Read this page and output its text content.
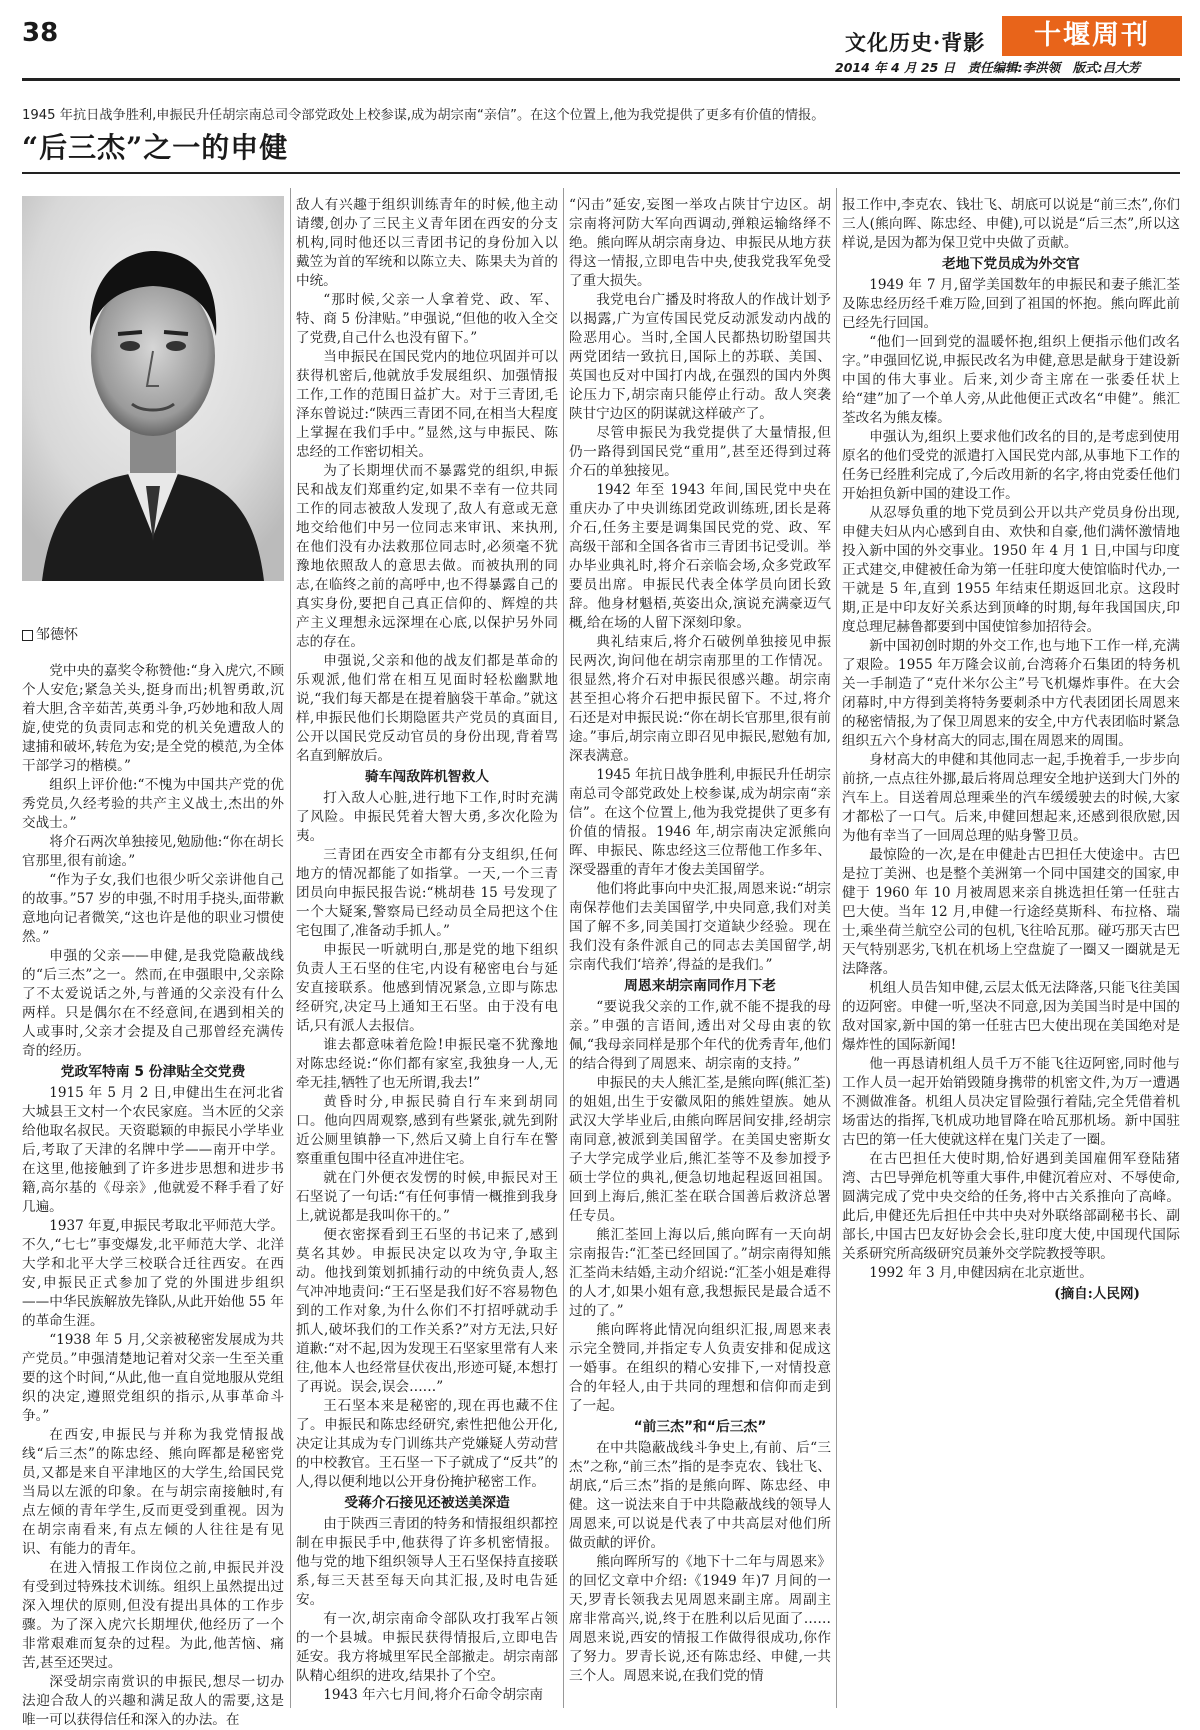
38	文化历史·背影	十堰周刊
2014 年 4 月 25 日　责任编辑:李洪领　版式:吕大芳
1945 年抗日战争胜利,申振民升任胡宗南总司令部党政处上校参谋,成为胡宗南“亲信”。在这个位置上,他为我党提供了更多有价值的情报。
“后三杰”之一的申健
邹德怀

党中央的嘉奖令称赞他:“身入虎穴,不顾个人安危;紧急关头,挺身而出;机智勇敢,沉着大胆,含辛茹苦,英勇斗争,巧妙地和敌人周旋,使党的负责同志和党的机关免遭敌人的逮捕和破坏,转危为安;是全党的模范,为全体干部学习的楷模。”

组织上评价他:“不愧为中国共产党的优秀党员,久经考验的共产主义战士,杰出的外交战士。”

将介石两次单独接见,勉励他:“你在胡长官那里,很有前途。”

“作为子女,我们也很少听父亲讲他自己的故事。”57 岁的申强,不时用手挠头,面带歉意地向记者微笑,“这也许是他的职业习惯使然。”

申强的父亲——申健,是我党隐蔽战线的“后三杰”之一。然而,在申强眼中,父亲除了不太爱说话之外,与普通的父亲没有什么两样。只是偶尔在不经意间,在遇到相关的人或事时,父亲才会提及自己那曾经充满传奇的经历。

党政军特南 5 份津贴全交党费

1915 年 5 月 2 日,申健出生在河北省大城县王文村一个农民家庭。当木匠的父亲给他取名叔民。天资聪颖的申振民小学毕业后,考取了天津的名牌中学——南开中学。在这里,他接触到了许多进步思想和进步书籍,高尔基的《母亲》,他就爱不释手看了好几遍。

1937 年夏,申振民考取北平师范大学。不久,“七七”事变爆发,北平师范大学、北洋大学和北平大学三校联合迁往西安。在西安,申振民正式参加了党的外围进步组织——中华民族解放先锋队,从此开始他 55 年的革命生涯。

“1938 年 5 月,父亲被秘密发展成为共产党员。”申强清楚地记着对父亲一生至关重要的这个时间,“从此,他一直自觉地服从党组织的决定,遵照党组织的指示,从事革命斗争。”

在西安,申振民与并称为我党情报战线“后三杰”的陈忠经、熊向晖都是秘密党员,又都是来自平津地区的大学生,给国民党当局以左派的印象。在与胡宗南接触时,有点左倾的青年学生,反而更受到重视。因为在胡宗南看来,有点左倾的人往往是有见识、有能力的青年。

在进入情报工作岗位之前,申振民并没有受到过特殊技术训练。组织上虽然提出过深入埋伏的原则,但没有提出具体的工作步骤。为了深入虎穴长期埋伏,他经历了一个非常艰难而复杂的过程。为此,他苦恼、痛苦,甚至还哭过。

深受胡宗南赏识的申振民,想尽一切办法迎合敌人的兴趣和满足敌人的需要,这是唯一可以获得信任和深入的办法。在

敌人有兴趣于组织训练青年的时候,他主动请缨,创办了三民主义青年团在西安的分支机构,同时他还以三青团书记的身份加入以戴笠为首的军统和以陈立夫、陈果夫为首的中统。

“那时候,父亲一人拿着党、政、军、特、商 5 份津贴。”申强说,“但他的收入全交了党费,自己什么也没有留下。”

当申振民在国民党内的地位巩固并可以获得机密后,他就放手发展组织、加强情报工作,工作的范围日益扩大。对于三青团,毛泽东曾说过:“陕西三青团不同,在相当大程度上掌握在我们手中。”显然,这与申振民、陈忠经的工作密切相关。

为了长期埋伏而不暴露党的组织,申振民和战友们郑重约定,如果不幸有一位共同工作的同志被敌人发现了,敌人有意或无意地交给他们中另一位同志来审讯、来执刑,在他们没有办法救那位同志时,必须毫不犹豫地依照敌人的意思去做。而被执刑的同志,在临终之前的高呼中,也不得暴露自己的真实身份,要把自己真正信仰的、辉煌的共产主义理想永远深埋在心底,以保护另外同志的存在。

申强说,父亲和他的战友们都是革命的乐观派,他们常在相互见面时轻松幽默地说,“我们每天都是在提着脑袋干革命。”就这样,申振民他们长期隐匿共产党员的真面目,公开以国民党反动官员的身份出现,背着骂名直到解放后。

骑车闯敌阵机智救人

打入敌人心脏,进行地下工作,时时充满了风险。申振民凭着大智大勇,多次化险为夷。

三青团在西安全市都有分支组织,任何地方的情况都能了如指掌。一天,一个三青团员向申振民报告说:“桃胡巷 15 号发现了一个大疑案,警察局已经动员全局把这个住宅包围了,准备动手抓人。”

申振民一听就明白,那是党的地下组织负责人王石坚的住宅,内设有秘密电台与延安直接联系。他感到情况紧急,立即与陈忠经研究,决定马上通知王石坚。由于没有电话,只有派人去报信。

谁去都意味着危险!申振民毫不犹豫地对陈忠经说:“你们都有家室,我独身一人,无牵无挂,牺牲了也无所谓,我去!”

黄昏时分,申振民骑自行车来到胡同口。他向四周观察,感到有些紧张,就先到附近公厕里镇静一下,然后又骑上自行车在警察重重包围中径直冲进住宅。

就在门外便衣发愣的时候,申振民对王石坚说了一句话:“有任何事情一概推到我身上,就说都是我叫你干的。”

便衣密探看到王石坚的书记来了,感到莫名其妙。申振民决定以攻为守,争取主动。他找到策划抓捕行动的中统负责人,怒气冲冲地责问:“王石坚是我们好不容易物色到的工作对象,为什么你们不打招呼就动手抓人,破坏我们的工作关系?”对方无法,只好道歉:“对不起,因为发现王石坚家里常有人来往,他本人也经常昼伏夜出,形迹可疑,本想打了再说。误会,误会……”

王石坚本来是秘密的,现在再也藏不住了。申振民和陈忠经研究,索性把他公开化,决定让其成为专门训练共产党嫌疑人劳动营的中校教官。王石坚一下子就成了“反共”的人,得以便利地以公开身份掩护秘密工作。

受蒋介石接见还被送美深造

由于陕西三青团的特务和情报组织都控制在申振民手中,他获得了许多机密情报。他与党的地下组织领导人王石坚保持直接联系,每三天甚至每天向其汇报,及时电告延安。

有一次,胡宗南命令部队攻打我军占领的一个县城。申振民获得情报后,立即电告延安。我方将城里军民全部撤走。胡宗南部队精心组织的进攻,结果扑了个空。

1943 年六七月间,将介石命令胡宗南

“闪击”延安,妄图一举攻占陕甘宁边区。胡宗南将河防大军向西调动,弹粮运输络绎不绝。熊向晖从胡宗南身边、申振民从地方获得这一情报,立即电告中央,使我党我军免受了重大损失。

我党电台广播及时将敌人的作战计划予以揭露,广为宣传国民党反动派发动内战的险恶用心。当时,全国人民都热切盼望国共两党团结一致抗日,国际上的苏联、美国、英国也反对中国打内战,在强烈的国内外舆论压力下,胡宗南只能停止行动。敌人突袭陕甘宁边区的阴谋就这样破产了。

尽管申振民为我党提供了大量情报,但仍一路得到国民党“重用”,甚至还得到过蒋介石的单独接见。

1942 年至 1943 年间,国民党中央在重庆办了中央训练团党政训练班,团长是蒋介石,任务主要是调集国民党的党、政、军高级干部和全国各省市三青团书记受训。举办毕业典礼时,将介石亲临会场,众多党政军要员出席。申振民代表全体学员向团长致辞。他身材魁梧,英姿出众,演说充满豪迈气概,给在场的人留下深刻印象。

典礼结束后,将介石破例单独接见申振民两次,询问他在胡宗南那里的工作情况。很显然,将介石对申振民很感兴趣。胡宗南甚至担心将介石把申振民留下。不过,将介石还是对申振民说:“你在胡长官那里,很有前途。”事后,胡宗南立即召见申振民,慰勉有加,深表满意。

1945 年抗日战争胜利,申振民升任胡宗南总司令部党政处上校参谋,成为胡宗南“亲信”。在这个位置上,他为我党提供了更多有价值的情报。1946 年,胡宗南决定派熊向晖、申振民、陈忠经这三位帮他工作多年、深受器重的青年才俊去美国留学。

他们将此事向中央汇报,周恩来说:“胡宗南保荐他们去美国留学,中央同意,我们对美国了解不多,同美国打交道缺少经验。现在我们没有条件派自己的同志去美国留学,胡宗南代我们‘培养’,得益的是我们。”

周恩来胡宗南同作月下老

“要说我父亲的工作,就不能不提我的母亲。”申强的言语间,透出对父母由衷的钦佩,“我母亲同样是那个年代的优秀青年,他们的结合得到了周恩来、胡宗南的支持。”

申振民的夫人熊汇荃,是熊向晖(熊汇荃)的姐姐,出生于安徽凤阳的熊姓望族。她从武汉大学毕业后,由熊向晖居间安排,经胡宗南同意,被派到美国留学。在美国史密斯女子大学完成学业后,熊汇荃等不及参加授予硕士学位的典礼,便急切地起程返回祖国。回到上海后,熊汇荃在联合国善后救济总署任专员。

熊汇荃回上海以后,熊向晖有一天向胡宗南报告:“汇荃已经回国了。”胡宗南得知熊汇荃尚未结婚,主动介绍说:“汇荃小姐是难得的人才,如果小姐有意,我想振民是最合适不过的了。”

熊向晖将此情况向组织汇报,周恩来表示完全赞同,并指定专人负责安排和促成这一婚事。在组织的精心安排下,一对情投意合的年轻人,由于共同的理想和信仰而走到了一起。

“前三杰”和“后三杰”

在中共隐蔽战线斗争史上,有前、后“三杰”之称,“前三杰”指的是李克农、钱壮飞、胡底,“后三杰”指的是熊向晖、陈忠经、申健。这一说法来自于中共隐蔽战线的领导人周恩来,可以说是代表了中共高层对他们所做贡献的评价。

熊向晖所写的《地下十二年与周恩来》的回忆文章中介绍:《1949 年)7 月间的一天,罗青长领我去见周恩来副主席。周副主席非常高兴,说,终于在胜利以后见面了……周恩来说,西安的情报工作做得很成功,你作了努力。罗青长说,还有陈忠经、申健,一共三个人。周恩来说,在我们党的情

报工作中,李克农、钱壮飞、胡底可以说是“前三杰”,你们三人(熊向晖、陈忠经、申健),可以说是“后三杰”,所以这样说,是因为都为保卫党中央做了贡献。

老地下党员成为外交官

1949 年 7 月,留学美国数年的申振民和妻子熊汇荃及陈忠经历经千难万险,回到了祖国的怀抱。熊向晖此前已经先行回国。

“他们一回到党的温暖怀抱,组织上便指示他们改名字。”申强回忆说,申振民改名为申健,意思是献身于建设新中国的伟大事业。后来,刘少奇主席在一张委任状上给“建”加了一个单人旁,从此他便正式改名“申健”。熊汇荃改名为熊友榛。

申强认为,组织上要求他们改名的目的,是考虑到使用原名的他们受党的派遣打入国民党内部,从事地下工作的任务已经胜利完成了,今后改用新的名字,将由党委任他们开始担负新中国的建设工作。

从忍辱负重的地下党员到公开以共产党员身份出现,申健夫妇从内心感到自由、欢快和自豪,他们满怀激情地投入新中国的外交事业。1950 年 4 月 1 日,中国与印度正式建交,申健被任命为第一任驻印度大使馆临时代办,一干就是 5 年,直到 1955 年结束任期返回北京。这段时期,正是中印友好关系达到顶峰的时期,每年我国国庆,印度总理尼赫鲁都要到中国使馆参加招待会。

新中国初创时期的外交工作,也与地下工作一样,充满了艰险。1955 年万隆会议前,台湾蒋介石集团的特务机关一手制造了“克什米尔公主”号飞机爆炸事件。在大会闭幕时,中方得到美将特务要刺杀中方代表团团长周恩来的秘密情报,为了保卫周恩来的安全,中方代表团临时紧急组织五六个身材高大的同志,围在周恩来的周围。

身材高大的申健和其他同志一起,手挽着手,一步步向前挤,一点点往外挪,最后将周总理安全地护送到大门外的汽车上。目送着周总理乘坐的汽车缓缓驶去的时候,大家才都松了一口气。后来,申健回想起来,还感到很欣慰,因为他有幸当了一回周总理的贴身警卫员。

最惊险的一次,是在申健赴古巴担任大使途中。古巴是拉丁美洲、也是整个美洲第一个同中国建交的国家,申健于 1960 年 10 月被周恩来亲自挑选担任第一任驻古巴大使。当年 12 月,申健一行途经莫斯科、布拉格、瑞士,乘坐荷兰航空公司的包机,飞往哈瓦那。碰巧那天古巴天气特别恶劣,飞机在机场上空盘旋了一圈又一圈就是无法降落。

机组人员告知申健,云层太低无法降落,只能飞往美国的迈阿密。申健一听,坚决不同意,因为美国当时是中国的敌对国家,新中国的第一任驻古巴大使出现在美国绝对是爆炸性的国际新闻!

他一再恳请机组人员千万不能飞往迈阿密,同时他与工作人员一起开始销毁随身携带的机密文件,为万一遭遇不测做准备。机组人员决定冒险强行着陆,完全凭借着机场雷达的指挥,飞机成功地冒降在哈瓦那机场。新中国驻古巴的第一任大使就这样在鬼门关走了一圈。

在古巴担任大使时期,恰好遇到美国雇佣军登陆猪湾、古巴导弹危机等重大事件,申健沉着应对、不辱使命,圆满完成了党中央交给的任务,将中古关系推向了高峰。此后,申健还先后担任中共中央对外联络部副秘书长、副部长,中国古巴友好协会会长,驻印度大使,中国现代国际关系研究所高级研究员兼外交学院教授等职。

1992 年 3 月,申健因病在北京逝世。

(摘自:人民网)
